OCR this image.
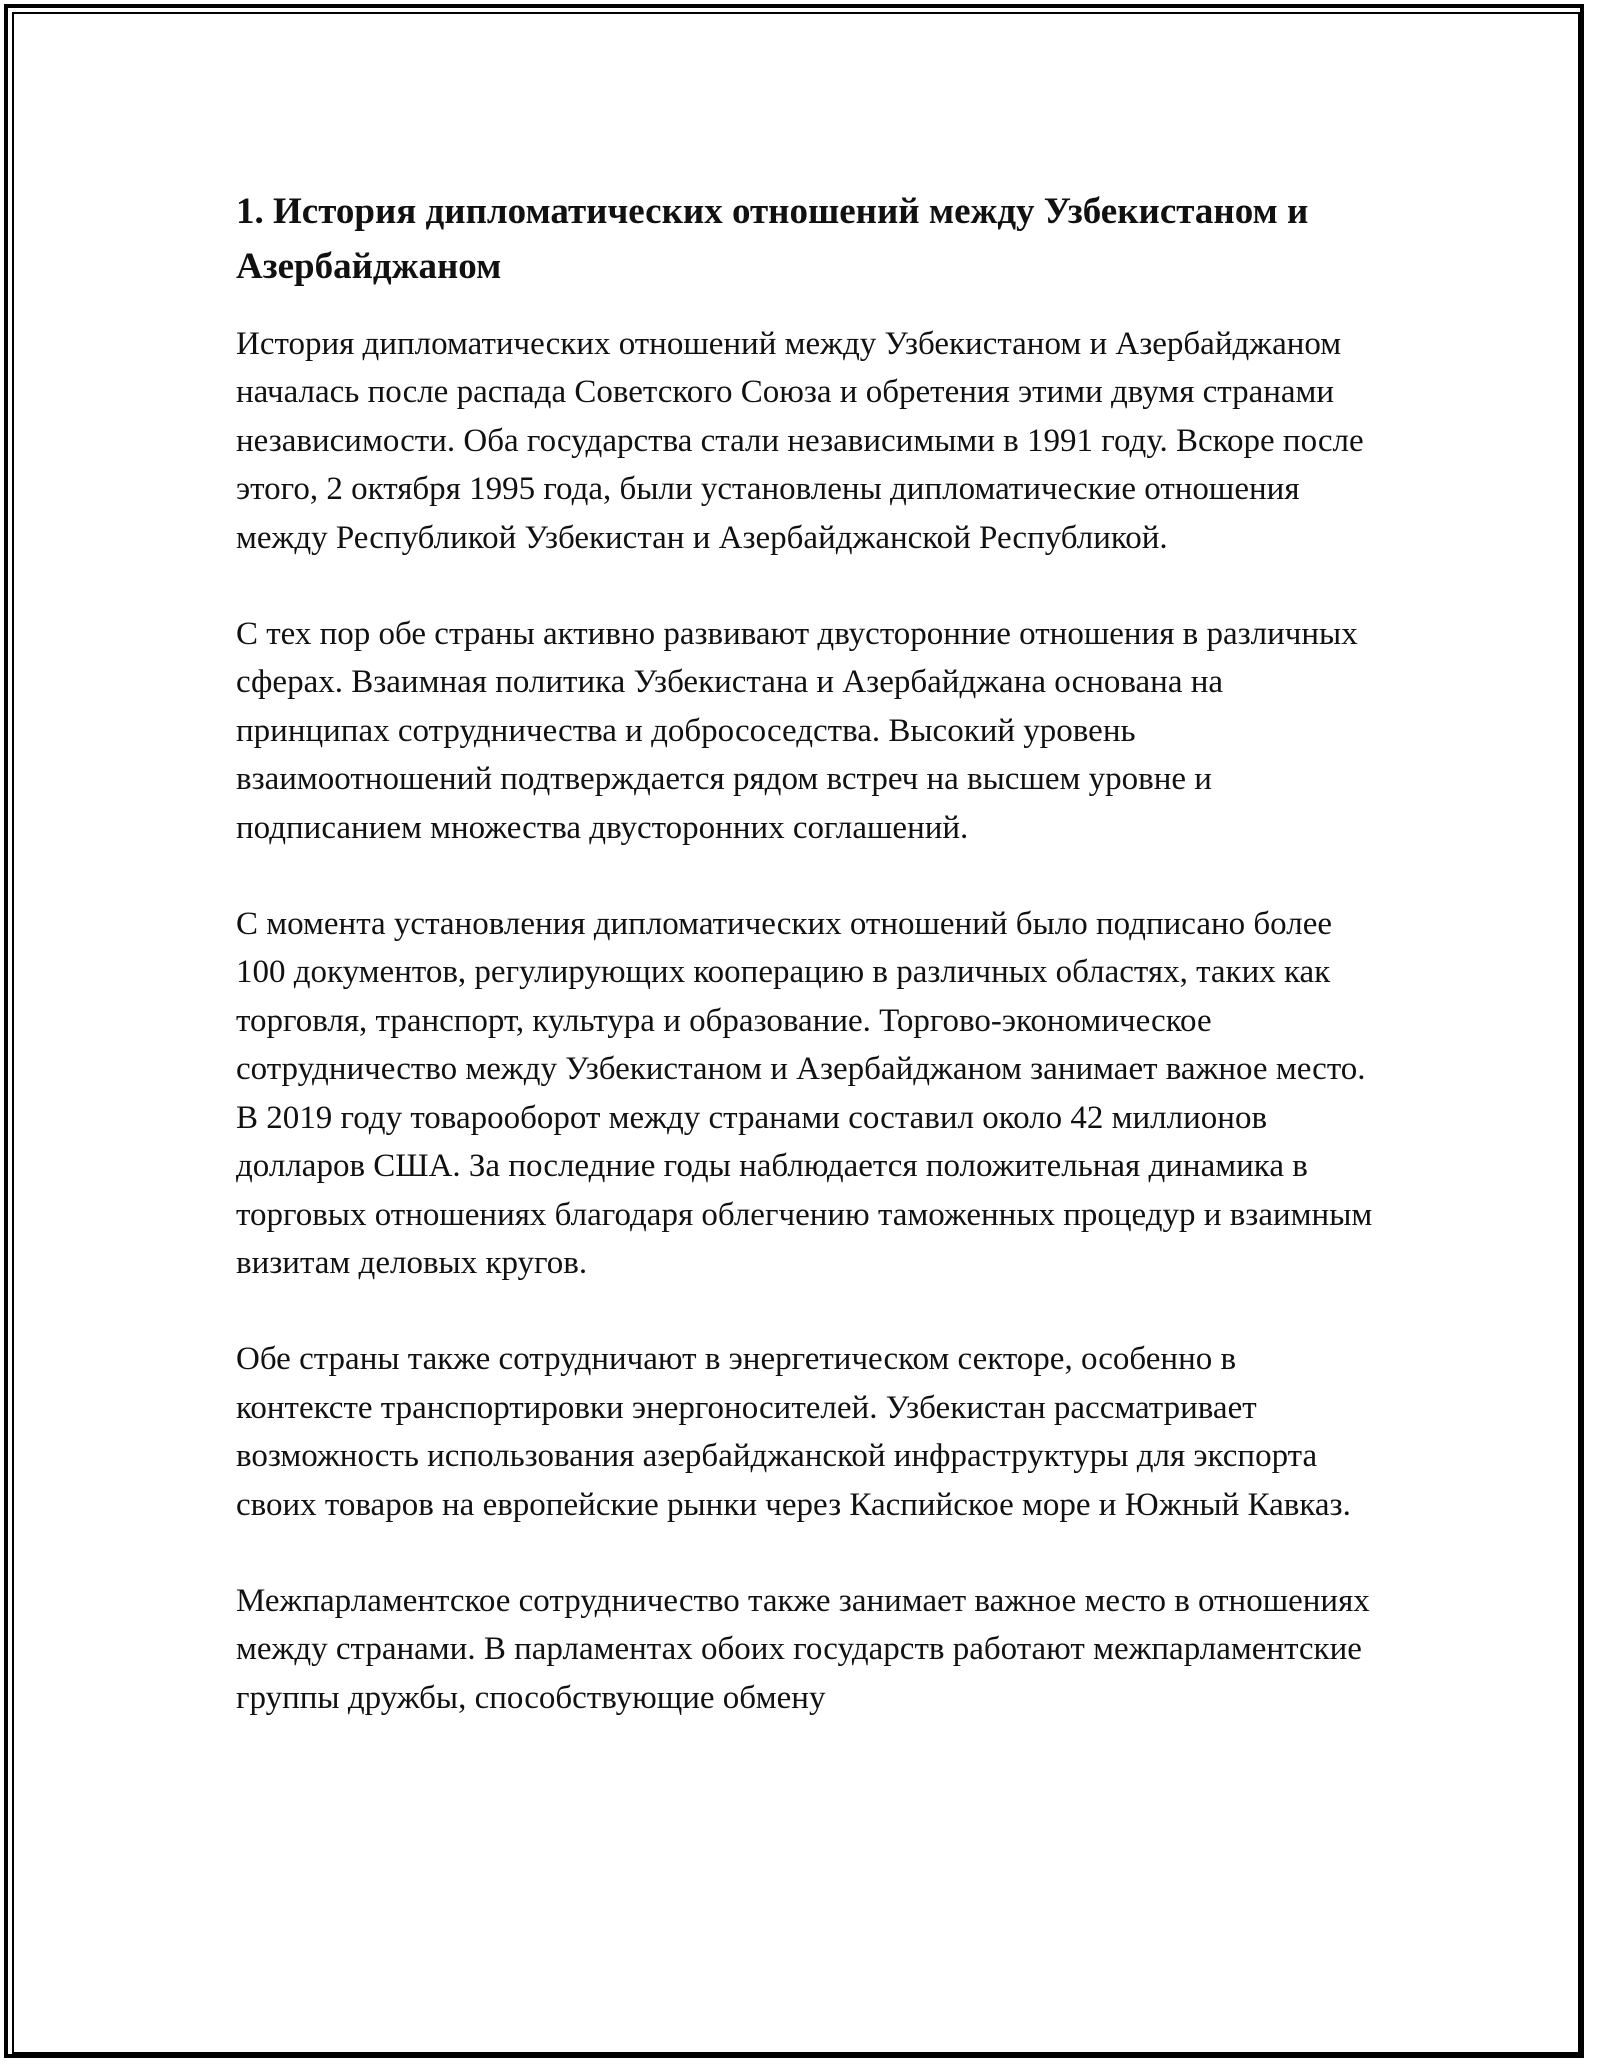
1. История дипломатических отношений между Узбекистаном и Азербайджаном

История дипломатических отношений между Узбекистаном и Азербайджаном началась после распада Советского Союза и обретения этими двумя странами независимости. Оба государства стали независимыми в 1991 году. Вскоре после этого, 2 октября 1995 года, были установлены дипломатические отношения между Республикой Узбекистан и Азербайджанской Республикой.

С тех пор обе страны активно развивают двусторонние отношения в различных сферах. Взаимная политика Узбекистана и Азербайджана основана на принципах сотрудничества и добрососедства. Высокий уровень взаимоотношений подтверждается рядом встреч на высшем уровне и подписанием множества двусторонних соглашений.

С момента установления дипломатических отношений было подписано более 100 документов, регулирующих кооперацию в различных областях, таких как торговля, транспорт, культура и образование. Торгово-экономическое сотрудничество между Узбекистаном и Азербайджаном занимает важное место. В 2019 году товарооборот между странами составил около 42 миллионов долларов США. За последние годы наблюдается положительная динамика в торговых отношениях благодаря облегчению таможенных процедур и взаимным визитам деловых кругов.

Обе страны также сотрудничают в энергетическом секторе, особенно в контексте транспортировки энергоносителей. Узбекистан рассматривает возможность использования азербайджанской инфраструктуры для экспорта своих товаров на европейские рынки через Каспийское море и Южный Кавказ.

Межпарламентское сотрудничество также занимает важное место в отношениях между странами. В парламентах обоих государств работают межпарламентские группы дружбы, способствующие обмену
